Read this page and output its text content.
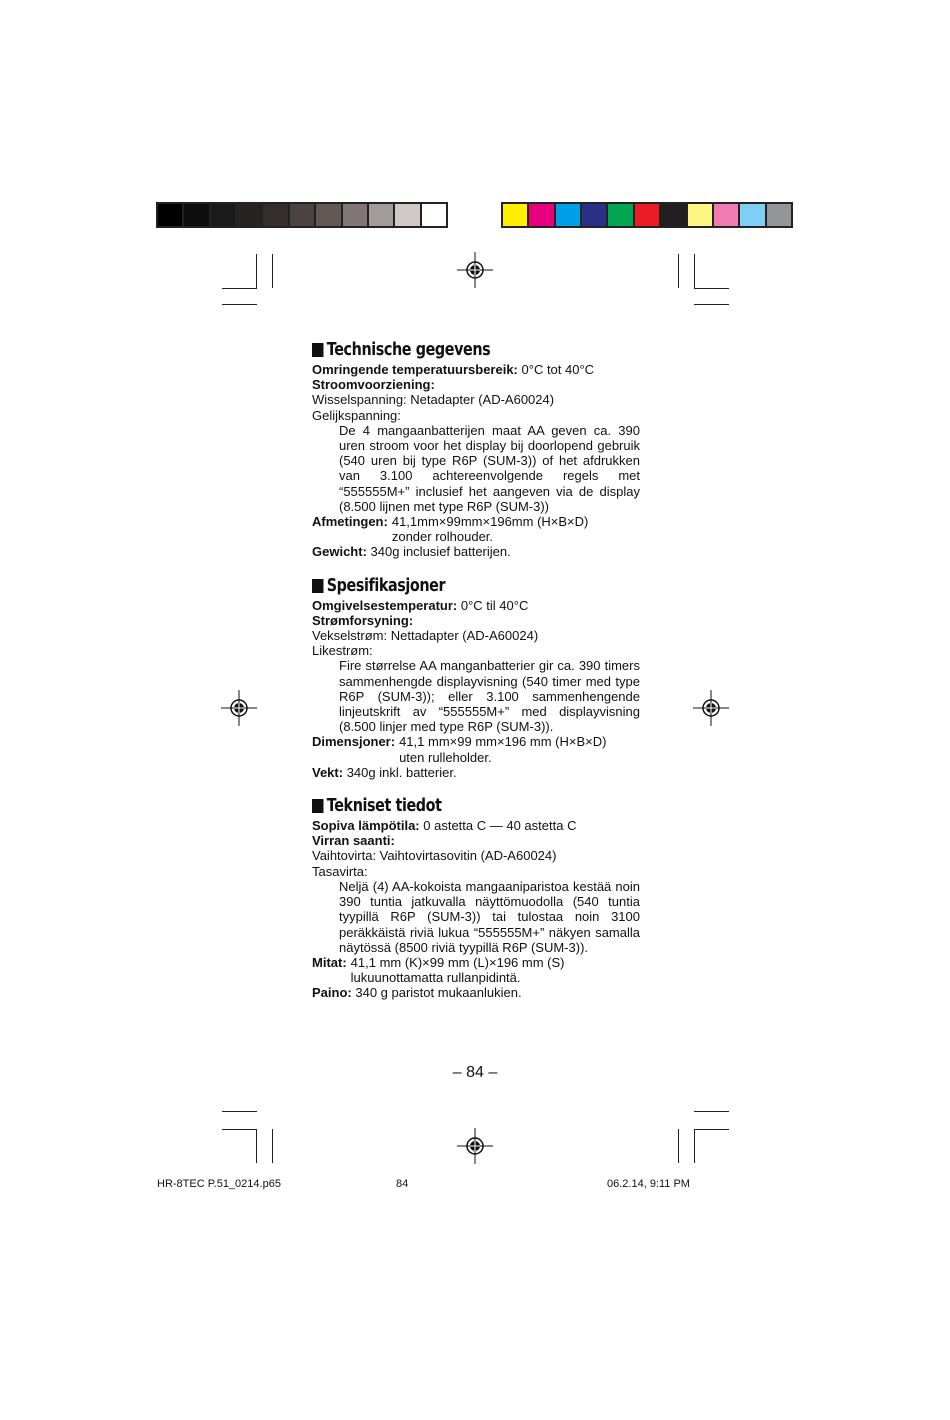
Technische gegevens
Omringende temperatuursbereik: 0°C tot 40°C
Stroomvoorziening:
Wisselspanning: Netadapter (AD-A60024)
Gelijkspanning:
De 4 mangaanbatterijen maat AA geven ca. 390 uren stroom voor het display bij doorlopend gebruik (540 uren bij type R6P (SUM-3)) of het afdrukken van 3.100 achtereenvolgende regels met “555555M+” inclusief het aangeven via de display (8.500 lijnen met type R6P (SUM-3))
Afmetingen: 41,1mm×99mm×196mm (H×B×D)
zonder rolhouder.
Gewicht: 340g inclusief batterijen.
Spesifikasjoner
Omgivelsestemperatur: 0°C til 40°C
Strømforsyning:
Vekselstrøm: Nettadapter (AD-A60024)
Likestrøm:
Fire størrelse AA manganbatterier gir ca. 390 timers sammenhengde displayvisning (540 timer med type R6P (SUM-3)); eller 3.100 sammenhengende linjeutskrift av “555555M+” med displayvisning (8.500 linjer med type R6P (SUM-3)).
Dimensjoner: 41,1 mm×99 mm×196 mm (H×B×D)
uten rulleholder.
Vekt: 340g inkl. batterier.
Tekniset tiedot
Sopiva lämpötila: 0 astetta C — 40 astetta C
Virran saanti:
Vaihtovirta: Vaihtovirtasovitin (AD-A60024)
Tasavirta:
Neljä (4) AA-kokoista mangaaniparistoa kestää noin 390 tuntia jatkuvalla näyttömuodolla (540 tuntia tyypillä R6P (SUM-3)) tai tulostaa noin 3100 peräkkäistä riviä lukua “555555M+” näkyen samalla näytössä (8500 riviä tyypillä R6P (SUM-3)).
Mitat: 41,1 mm (K)×99 mm (L)×196 mm (S)
lukuunottamatta rullanpidintä.
Paino: 340 g paristot mukaanlukien.
– 84 –
HR-8TEC P.51_0214.p65	84	06.2.14, 9:11 PM
